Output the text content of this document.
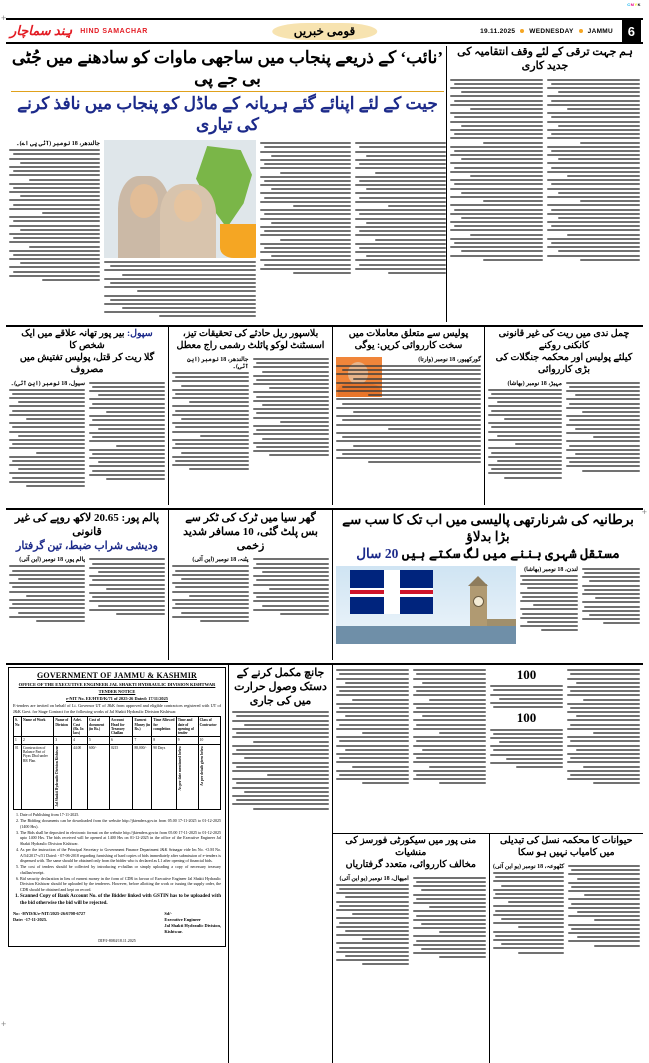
+
+
+
CMYK
ہِند سماچار HIND SAMACHAR	قومی خبریں	19.11.2025 WEDNESDAY JAMMU	6
’نائب‘ کے ذریعے پنجاب میں ساجھی ماوات کو سادھنے میں جُٹی بی جے پی
جیت کے لئے اپنائے گئے ہریانہ کے ماڈل کو پنجاب میں نافذ کرنے کی تیاری
جالندھر، 18 نومبر (آئی پی اے)۔
ہم جہت ترقی کے لئے وقف انتقامیہ کی جدید کاری
سپول: بیر پور تھانہ علاقے میں ایک شخص کا
گلا ریت کر قتل، پولیس تفتیش میں مصروف
سپول، 18 نومبر (این آئی)۔
بلاسپور ریل حادثے کی تحقیقات تیز،
اسسٹنٹ لوکو پائلٹ رشمی راج معطل
جالندھر، 18 نومبر (این آئی)۔
پولیس سے متعلق معاملات میں سخت کارروائی کریں: یوگی
گورکھپور، 18 نومبر (وارتا)
چمل ندی میں ریت کی غیر قانونی کانکنی روکنے
کیلئے پولیس اور محکمہ جنگلات کی بڑی کارروائی
مہیڑ، 18 نومبر (بھاشا)
پالم پور: 20.65 لاکھ روپے کی غیر قانونی
ودیشی شراب ضبط، تین گرفتار
پالم پور، 18 نومبر (این آئی)
گھر سیا میں ٹرک کی ٹکر سے
بس پلٹ گئی، 10 مسافر شدید زخمی
پٹنہ، 18 نومبر (این آئی)
برطانیہ کی شرنارتھی پالیسی میں اب تک کا سب سے بڑا بدلاؤ
مستقل شہری بننے میں لگ سکتے ہیں 20 سال
لندن، 18 نومبر (بھاشا)
GOVERNMENT OF JAMMU & KASHMIR
OFFICE OF THE EXECUTIVE ENGINEER JAL SHAKTI HYDRAULIC DIVISION KISHTWAR
TENDER NOTICE
e-NIT No. EE/HYD/K/71 of 2025-26 Dated: 17/11/2025

E-tenders are invited on behalf of Lt. Governor UT of J&K from approved and eligible contractors registered with UT of J&K Govt. for Stage Contract for the following works of Jal Shakti Hydraulic Division Kishtwar.

S. No	Name of Work	Name of Division	Advt. Cost (Rs. In lacs)	Cost of document (in Rs.)	Account Head for Treasury Challan	Earnest Money (in Rs.)	Time Allowed for completion	Time and date of opening of tender	Class of Contractor
1	2	3	4	5	6	7	8	9	10
01	Construction of Balance Part of Piyas Dhal under RR Plan.	Jal Shakti Hydraulic Division Kishtwar	44.00	600/-	0215	88,000/-	90 Days	As per date mentioned below	As per details given below
1. Date of Publishing from 17-11-2025.
2. The Bidding documents can be downloaded from the website http://jktenders.gov.in from 05.00 17-11-2025 to 01-12-2025 (1400 Hrs).
3. The Bids shall be deposited in electronic format on the website http://jktenders.gov.in from 05.00 17-11-2025 to 01-12-2025 upto 1400 Hrs. The bids received will be opened at 1400 Hrs on 01-12-2025 in the office of the Executive Engineer Jal Shakti Hydraulic Division Kishtwar.
4. As per the instruction of the Principal Secretary to Government Finance Department J&K Srinagar vide Im No. -O.M No. A/54/2017-s/51 Dated: - 07-06-2018 regarding furnishing of hard copies of bids immediately after submission of e-tenders is dispensed with. The same should be obtained only from the bidder who is declared as L1 after opening of financial bids.
5. The cost of tenders should be collected by introducing e-challan or simply uploading a copy of necessary treasury challan/receipt.
6. Bid security declaration in lieu of earnest money in the form of CDR in favour of Executive Engineer Jal Shakti Hydraulic Division Kishtwar should be uploaded by the tenderers. However, before allotting the work or issuing the supply order, the CDR should be obtained and kept on record.
1. Scanned Copy of Bank Account No. of the Bidder linked with GSTIN has to be uploaded with the bid otherwise the bid will be rejected.
No: -HYD/K/e-NIT/2025-26/6708-6727
Date: -17-11-2025.
Sd/-
Executive Engineer
Jal Shakti Hydraulic Division,
Kishtwar.
DIP/J-8084/18.11.2025
جانچ مکمل کرنے کے
دستک وصول حرارت
میں کی جاری
100
100
منی پور میں سیکورٹی فورسز کی منشیات
مخالف کارروائی، متعدد گرفتاریاں
امپھال، 18 نومبر (یو این آئی)
حیوانات کا محکمہ نسل کی تبدیلی میں کامیاب نہیں ہو سکا
کٹھوعہ، 18 نومبر (یو این آئی)
